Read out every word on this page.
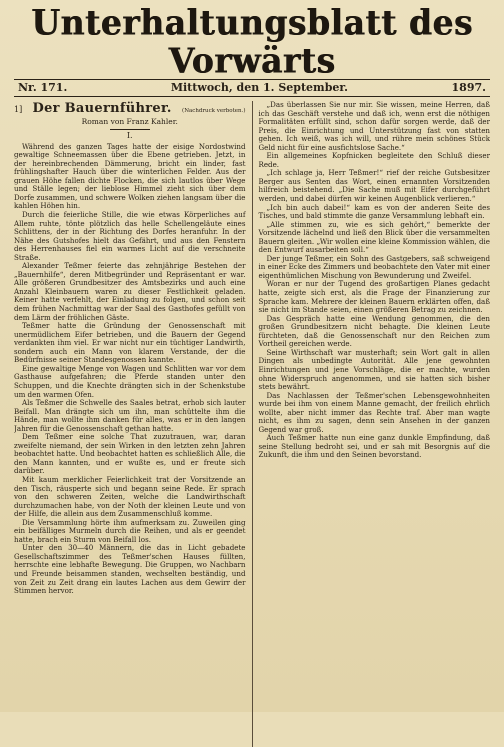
Unterhaltungsblatt des Vorwärts
Nr. 171.	Mittwoch, den 1. September.	1897.
1] Der Bauernführer. (Nachdruck verboten.)
Roman von Franz Kahler.
I.

Während des ganzen Tages hatte der eisige Nordostwind gewaltige Schneemassen über die Ebene getrieben. Jetzt, in der hereinbrechenden Dämmerung, bricht ein linder, fast frühlingshafter Hauch über die winterlichen Felder. Aus der grauen Höhe fallen dichte Flocken, die sich lautlos über Wege und Ställe legen; der lieblose Himmel zieht sich über dem Dorfe zusammen, und schwere Wolken ziehen langsam über die kahlen Höhen hin.

Durch die feierliche Stille, die wie etwas Körperliches auf Allem ruhte, tönte plötzlich das helle Schellengeläute eines Schlittens, der in der Richtung des Dorfes heranfuhr. In der Nähe des Gutshofes hielt das Gefährt, und aus den Fenstern des Herrenhauses fiel ein warmes Licht auf die verschneite Straße.

Alexander Teßmer feierte das zehnjährige Bestehen der „Bauernhilfe“, deren Mitbegründer und Repräsentant er war. Alle größeren Grundbesitzer des Amtsbezirks und auch eine Anzahl Kleinbauern waren zu dieser Festlichkeit geladen. Keiner hatte verfehlt, der Einladung zu folgen, und schon seit dem frühen Nachmittag war der Saal des Gasthofes gefüllt von dem Lärm der fröhlichen Gäste.

Teßmer hatte die Gründung der Genossenschaft mit unermüdlichem Eifer betrieben, und die Bauern der Gegend verdankten ihm viel. Er war nicht nur ein tüchtiger Landwirth, sondern auch ein Mann von klarem Verstande, der die Bedürfnisse seiner Standesgenossen kannte.

Eine gewaltige Menge von Wagen und Schlitten war vor dem Gasthause aufgefahren; die Pferde standen unter den Schuppen, und die Knechte drängten sich in der Schenkstube um den warmen Ofen.

Als Teßmer die Schwelle des Saales betrat, erhob sich lauter Beifall. Man drängte sich um ihn, man schüttelte ihm die Hände, man wollte ihm danken für alles, was er in den langen Jahren für die Genossenschaft gethan hatte.

Dem Teßmer eine solche That zuzutrauen, war, daran zweifelte niemand, der sein Wirken in den letzten zehn Jahren beobachtet hatte. Und beobachtet hatten es schließlich Alle, die den Mann kannten, und er wußte es, und er freute sich darüber.

Mit kaum merklicher Feierlichkeit trat der Vorsitzende an den Tisch, räusperte sich und begann seine Rede. Er sprach von den schweren Zeiten, welche die Landwirthschaft durchzumachen habe, von der Noth der kleinen Leute und von der Hilfe, die allein aus dem Zusammenschluß komme.

Die Versammlung hörte ihm aufmerksam zu. Zuweilen ging ein beifälliges Murmeln durch die Reihen, und als er geendet hatte, brach ein Sturm von Beifall los.

Unter den 30—40 Männern, die das in Licht gebadete Gesellschaftszimmer des Teßmer'schen Hauses füllten, herrschte eine lebhafte Bewegung. Die Gruppen, wo Nachbarn und Freunde beisammen standen, wechselten beständig, und von Zeit zu Zeit drang ein lautes Lachen aus dem Gewirr der Stimmen hervor.

„Das überlassen Sie nur mir. Sie wissen, meine Herren, daß ich das Geschäft verstehe und daß ich, wenn erst die nöthigen Formalitäten erfüllt sind, schon dafür sorgen werde, daß der Preis, die Einrichtung und Unterstützung fast von statten gehen. Ich weiß, was ich will, und rühre mein schönes Stück Geld nicht für eine ausfichtslose Sache.“

Ein allgemeines Kopfnicken begleitete den Schluß dieser Rede.

„Ich schlage ja, Herr Teßmer!“ rief der reiche Gutsbesitzer Berger aus Senten das Wort, einen ernannten Vorsitzenden hilfreich beistehend. „Die Sache muß mit Eifer durchgeführt werden, und dabei dürfen wir keinen Augenblick verlieren.“

„Ich bin auch dabei!“ kam es von der anderen Seite des Tisches, und bald stimmte die ganze Versammlung lebhaft ein.

„Alle stimmen zu, wie es sich gehört,“ bemerkte der Vorsitzende lächelnd und ließ den Blick über die versammelten Bauern gleiten. „Wir wollen eine kleine Kommission wählen, die den Entwurf ausarbeiten soll.“

Der junge Teßmer, ein Sohn des Gastgebers, saß schweigend in einer Ecke des Zimmers und beobachtete den Vater mit einer eigenthümlichen Mischung von Bewunderung und Zweifel.

Woran er nur der Tugend des großartigen Planes gedacht hatte, zeigte sich erst, als die Frage der Finanzierung zur Sprache kam. Mehrere der kleinen Bauern erklärten offen, daß sie nicht im Stande seien, einen größeren Betrag zu zeichnen.

Das Gespräch hatte eine Wendung genommen, die den großen Grundbesitzern nicht behagte. Die kleinen Leute fürchteten, daß die Genossenschaft nur den Reichen zum Vortheil gereichen werde.

Seine Wirthschaft war musterhaft; sein Wort galt in allen Dingen als unbedingte Autorität. Alle jene gewohnten Einrichtungen und jene Vorschläge, die er machte, wurden ohne Widerspruch angenommen, und sie hatten sich bisher stets bewährt.

Das Nachlassen der Teßmer'schen Lebensgewohnheiten wurde bei ihm von einem Manne gemacht, der freilich ehrlich wollte, aber nicht immer das Rechte traf. Aber man wagte nicht, es ihm zu sagen, denn sein Ansehen in der ganzen Gegend war groß.

Auch Teßmer hatte nun eine ganz dunkle Empfindung, daß seine Stellung bedroht sei, und er sah mit Besorgnis auf die Zukunft, die ihm und den Seinen bevorstand.
